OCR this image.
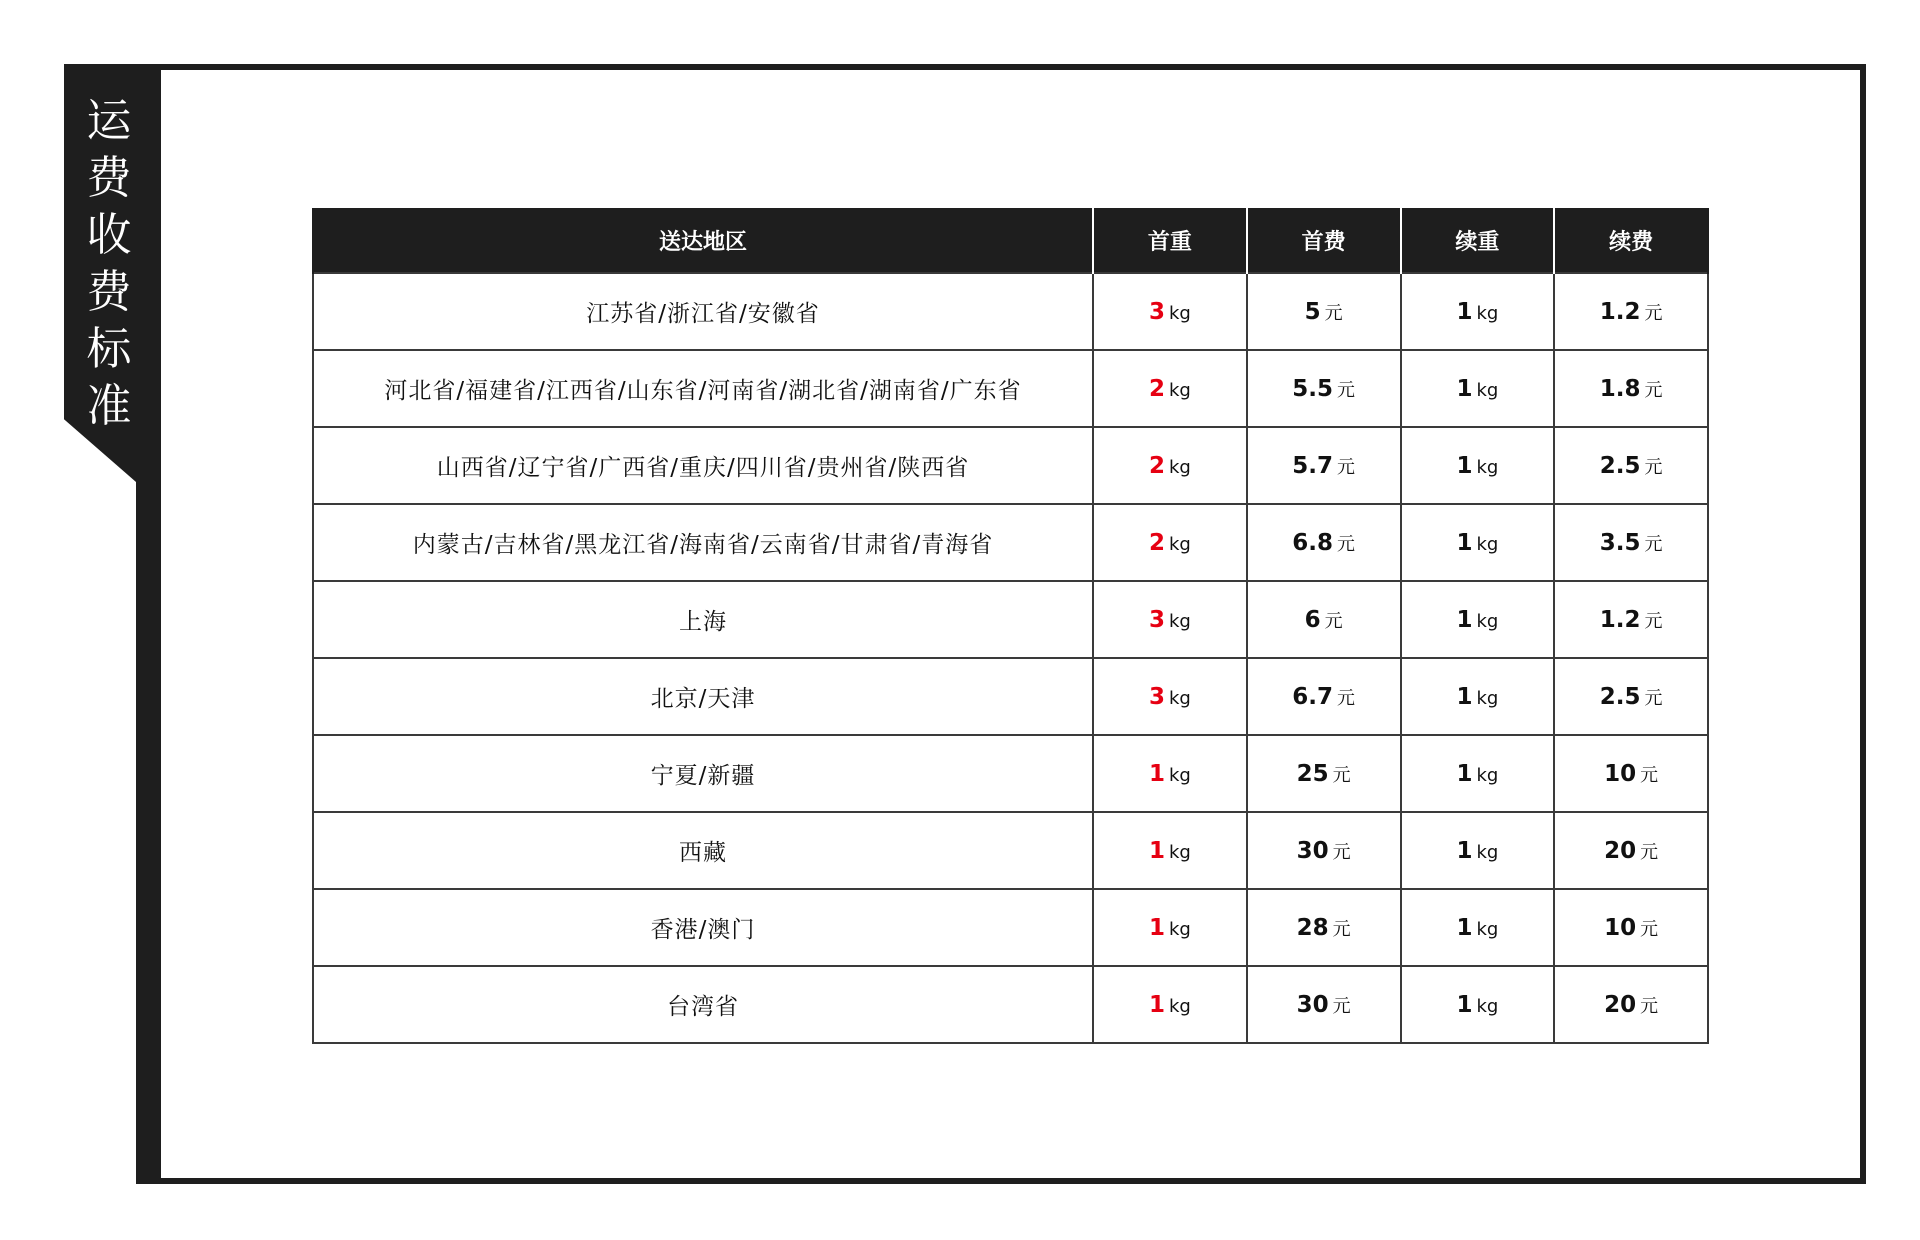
运
费
收
费
标
准
送达地区	首重	首费	续重	续费
江苏省/浙江省/安徽省	3 kg	5 元	1 kg	1.2 元
河北省/福建省/江西省/山东省/河南省/湖北省/湖南省/广东省	2 kg	5.5 元	1 kg	1.8 元
山西省/辽宁省/广西省/重庆/四川省/贵州省/陕西省	2 kg	5.7 元	1 kg	2.5 元
内蒙古/吉林省/黑龙江省/海南省/云南省/甘肃省/青海省	2 kg	6.8 元	1 kg	3.5 元
上海	3 kg	6 元	1 kg	1.2 元
北京/天津	3 kg	6.7 元	1 kg	2.5 元
宁夏/新疆	1 kg	25 元	1 kg	10 元
西藏	1 kg	30 元	1 kg	20 元
香港/澳门	1 kg	28 元	1 kg	10 元
台湾省	1 kg	30 元	1 kg	20 元
